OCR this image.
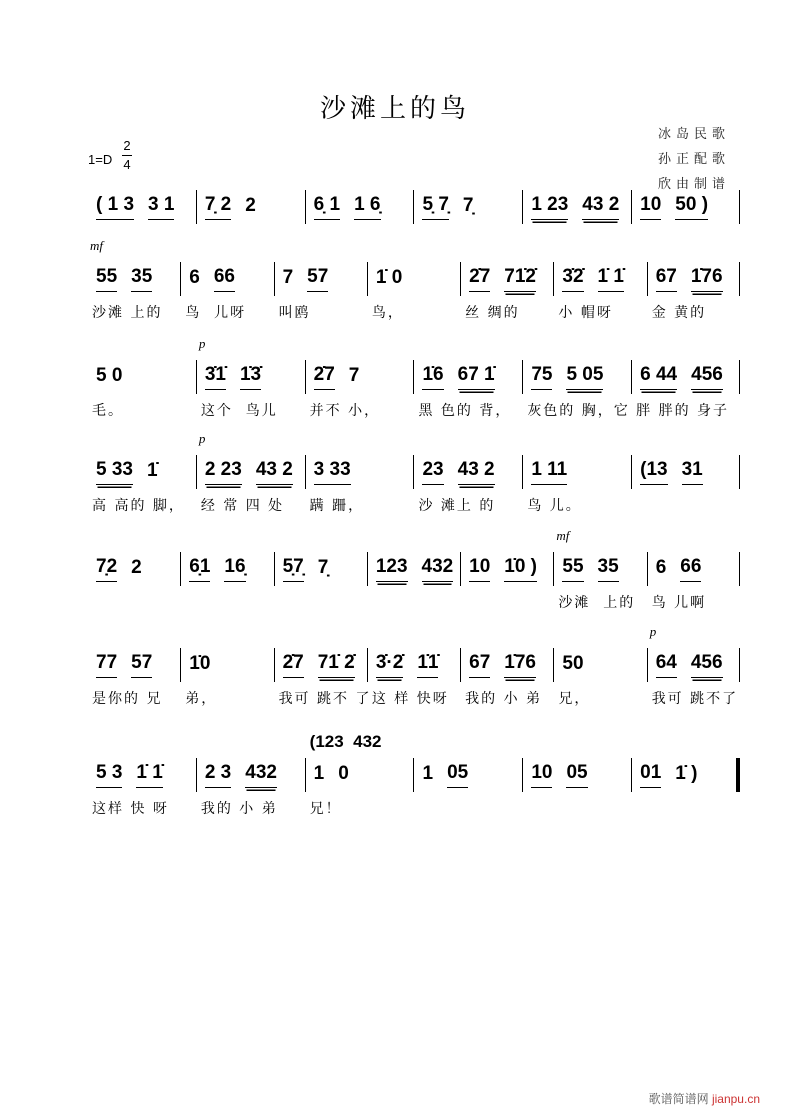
沙滩上的鸟
冰岛民歌
孙正配歌
欣由制谱
1=D
2
4
( 1 3 3 1 7̣ 2 2	6̣ 1 1 6̣ 5̣ 7̣ 7̣	1 23 43 2 10 50 )
mf
55 35
沙滩 上的
6 66
鸟  儿呀
7 57
叫鸥
1̇ 0
鸟，
2̇7 71̇2̇
丝 绸的
3̇2̇ 1̇ 1̇
小 帽呀
67 1̇76
金 黄的
5 0
毛。
p
3̇1̇ 1̇3̇
这个  鸟儿
2̇7 7
并不 小，
1̇6 67 1̇
黑 色的 背，
75 5 05
灰色的 胸，它
6 44 456
胖 胖的 身子
5 33 1̇
高 高的 脚，
p
2 23 43 2
经 常 四 处
3 33
蹒 跚，
23 43 2
沙 滩上 的
1 11
鸟 儿。
(13 31
7̣2 2	6̣1 16̣ 5̣7̣ 7̣	123 432 10 1̇0 )
mf
55 35
沙滩  上的
6 66
鸟 儿啊
77 57
是你的 兄
1̇0
弟，
2̇7 71̇ 2̇
我可 跳不 了
3̇·2̇ 1̇1̇
这 样 快呀
67 1̇76
我的 小 弟
50
兄，
p
64 456
我可 跳不了
5 3 1̇ 1̇
这样 快 呀
2 3 432
我的 小 弟
(123  432
1 0
兄！
1 05	10 05	01 1̇ )
歌谱简谱网 jianpu.cn
